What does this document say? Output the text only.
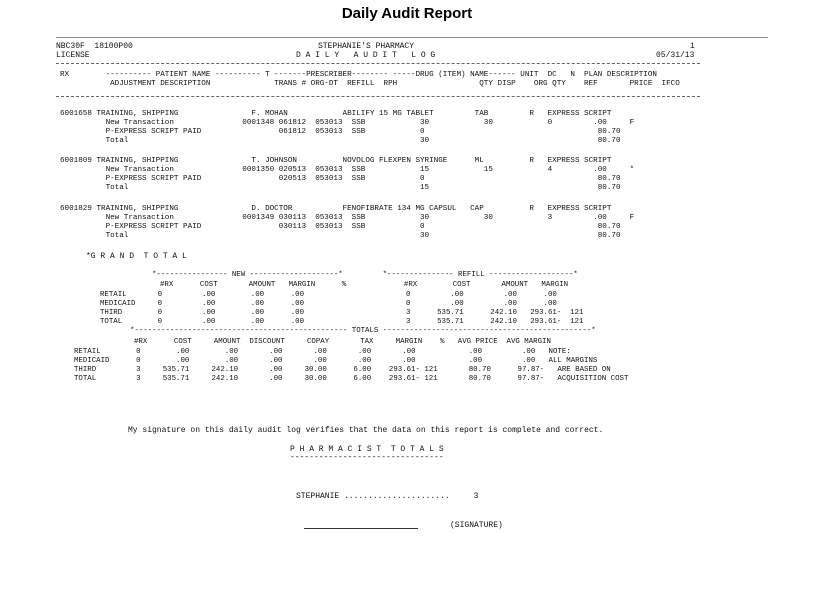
Daily Audit Report

NBC30F  18100P00

LICENSE

STEPHANIE'S PHARMACY

D A I L Y   A U D I T   L O G

1

05/31/13

RX        ---------- PATIENT NAME ---------- T -------PRESCRIBER-------- -----DRUG (ITEM) NAME------ UNIT  DC   N  PLAN DESCRIPTION

ADJUSTMENT DESCRIPTION              TRANS # ORG-DT  REFILL  RPH                  QTY DISP    ORG QTY    REF       PRICE  IFCO

6001658 TRAINING, SHIPPING                F. MOHAN            ABILIFY 15 MG TABLET         TAB         R   EXPRESS SCRIPT

New Transaction               0001348 061812  053013  SSB            30            30            0         .00     F

P-EXPRESS SCRIPT PAID                 061812  053013  SSB            0                                      80.70

Total                                                                30                                     80.70

6001809 TRAINING, SHIPPING                T. JOHNSON          NOVOLOG FLEXPEN SYRINGE      ML          R   EXPRESS SCRIPT

New Transaction               0001350 020513  053013  SSB            15            15            4         .00     *

P-EXPRESS SCRIPT PAID                 020513  053013  SSB            0                                      80.70

Total                                                                15                                     80.70

6001829 TRAINING, SHIPPING                D. DOCTOR           FENOFIBRATE 134 MG CAPSUL   CAP          R   EXPRESS SCRIPT

New Transaction               0001349 030113  053013  SSB            30            30            3         .00     F

P-EXPRESS SCRIPT PAID                 030113  053013  SSB            0                                      80.70

Total                                                                30                                     80.70

*G R A N D  T O T A L

*---------------- NEW --------------------*         *--------------- REFILL -------------------*

#RX      COST       AMOUNT   MARGIN      %             #RX        COST       AMOUNT   MARGIN

RETAIL       0         .00        .00      .00                       0         .00         .00      .00

MEDICAID     0         .00        .00      .00                       0         .00         .00      .00

THIRD        0         .00        .00      .00                       3      535.71      242.10   293.61-  121

TOTAL        0         .00        .00      .00                       3      535.71      242.10   293.61-  121

*------------------------------------------------ TOTALS -----------------------------------------------*

#RX      COST     AMOUNT  DISCOUNT     COPAY       TAX     MARGIN    %   AVG PRICE  AVG MARGIN

RETAIL        0        .00        .00       .00       .00       .00       .00            .00         .00   NOTE:

MEDICAID      0        .00        .00       .00       .00       .00       .00            .00         .00   ALL MARGINS

THIRD         3     535.71     242.10       .00     30.00      6.00    293.61- 121       80.70      97.87-   ARE BASED ON

TOTAL         3     535.71     242.10       .00     30.00      6.00    293.61- 121       80.70      97.87-   ACQUISITION COST

My signature on this daily audit log verifies that the data on this report is complete and correct.

P H A R M A C I S T  T O T A L S

--------------------------------

STEPHANIE ......................     3

(SIGNATURE)
